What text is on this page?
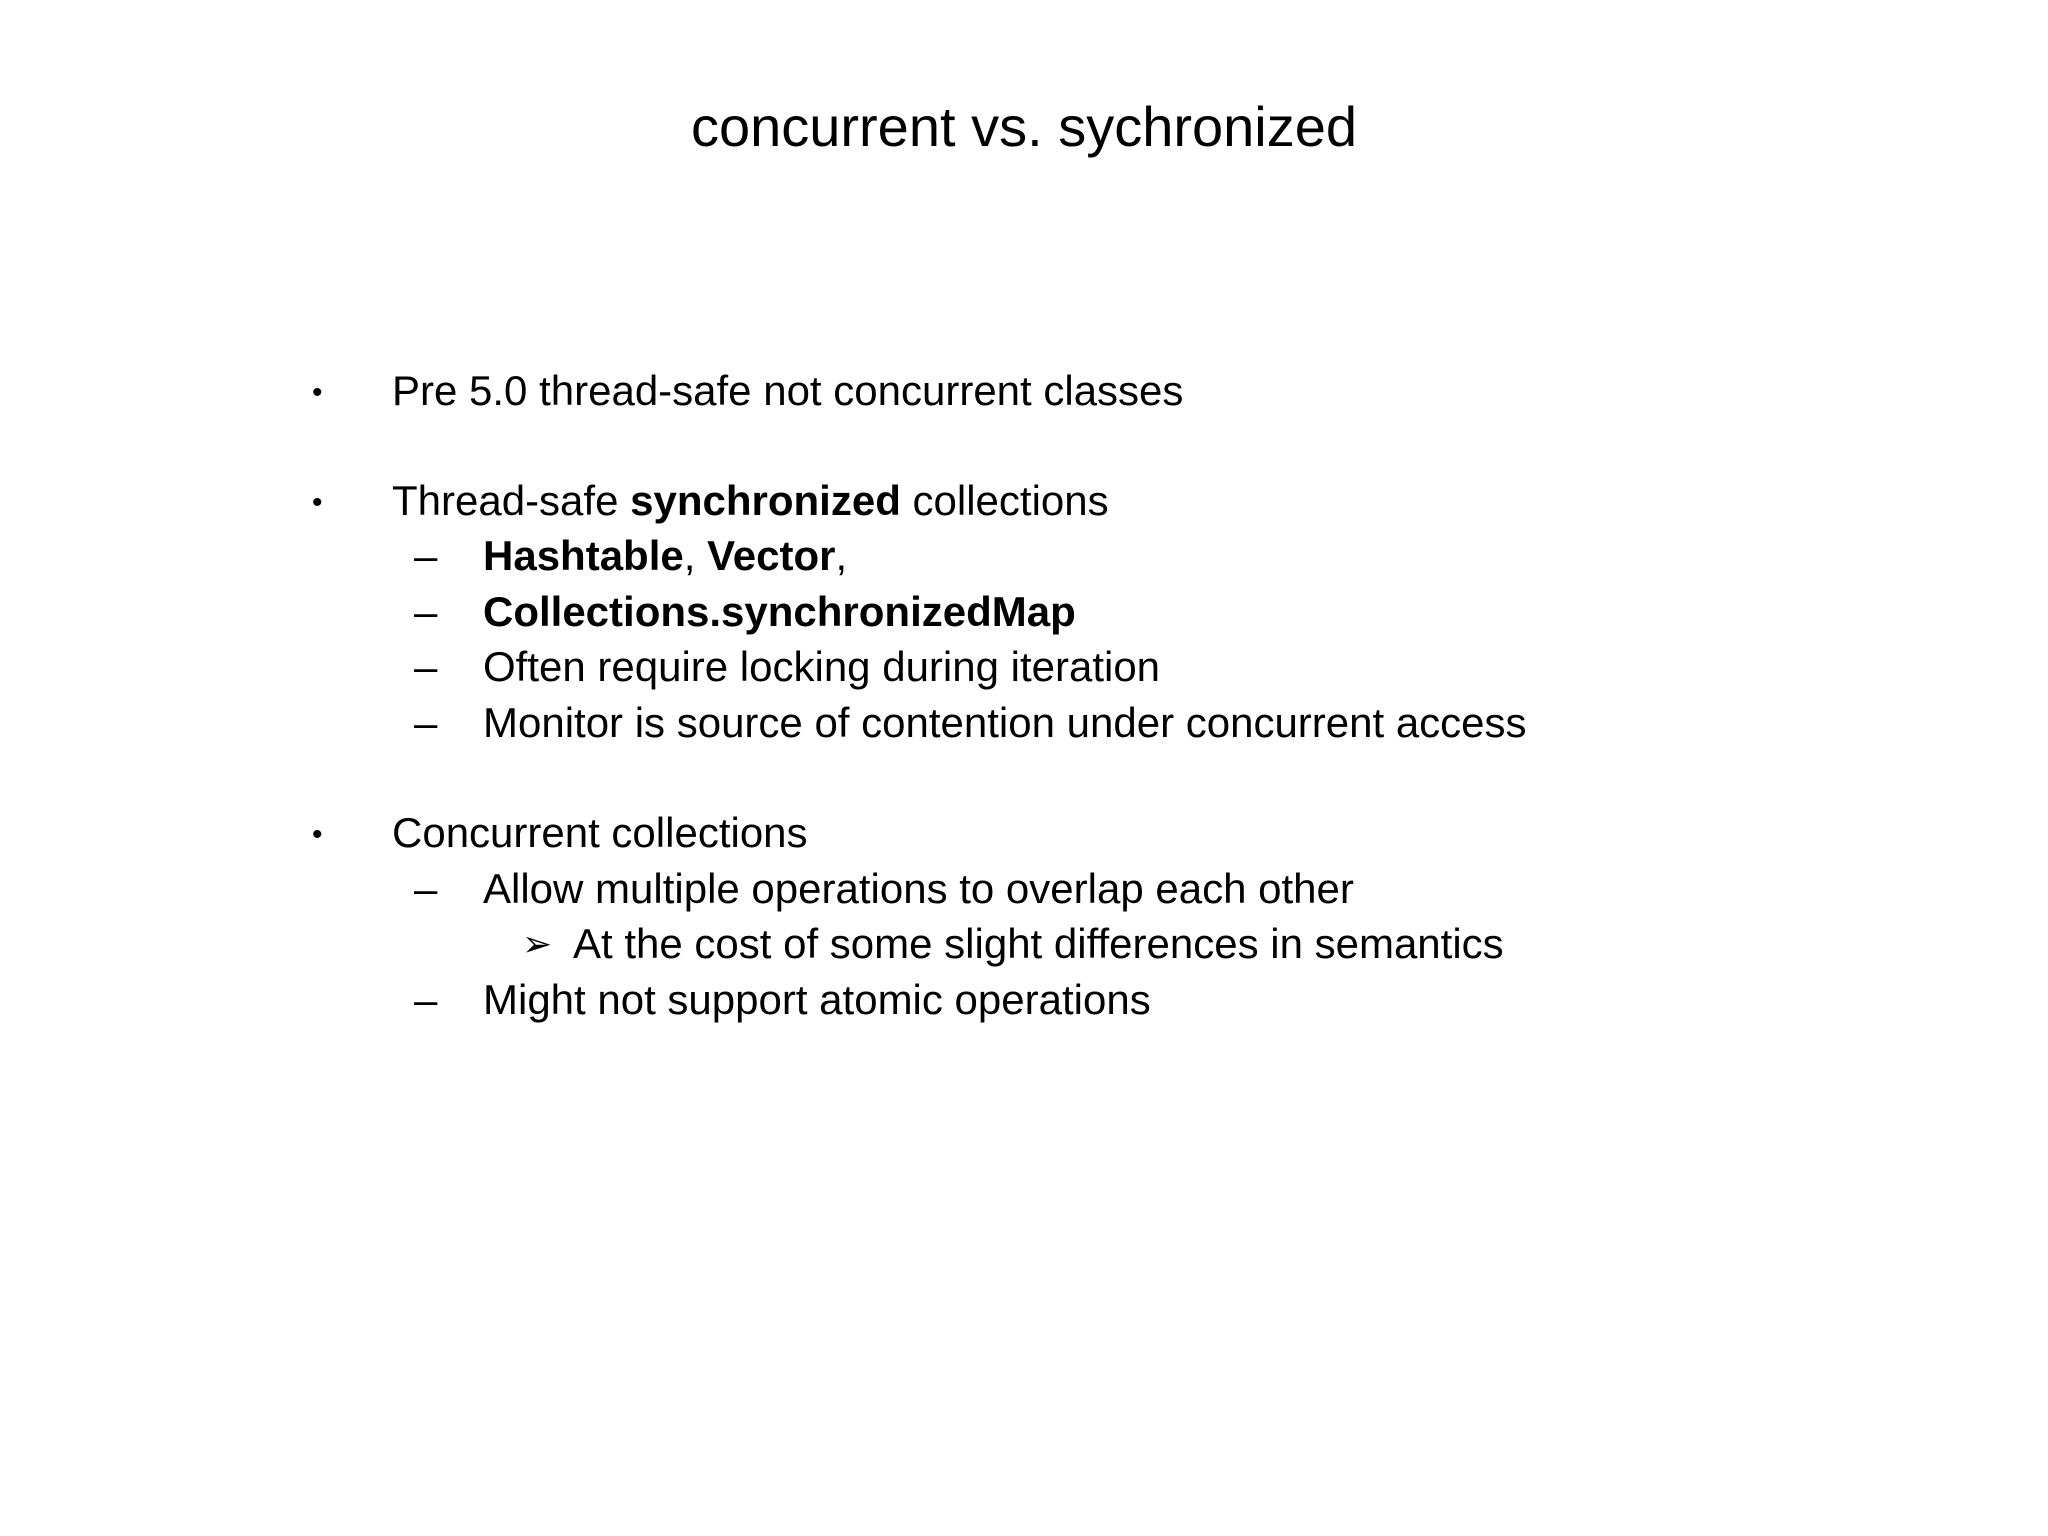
concurrent vs. sychronized
• Pre 5.0 thread-safe not concurrent classes
• Thread-safe synchronized collections
– Hashtable, Vector,
– Collections.synchronizedMap
– Often require locking during iteration
– Monitor is source of contention under concurrent access
• Concurrent collections
– Allow multiple operations to overlap each other
➢ At the cost of some slight differences in semantics
– Might not support atomic operations
